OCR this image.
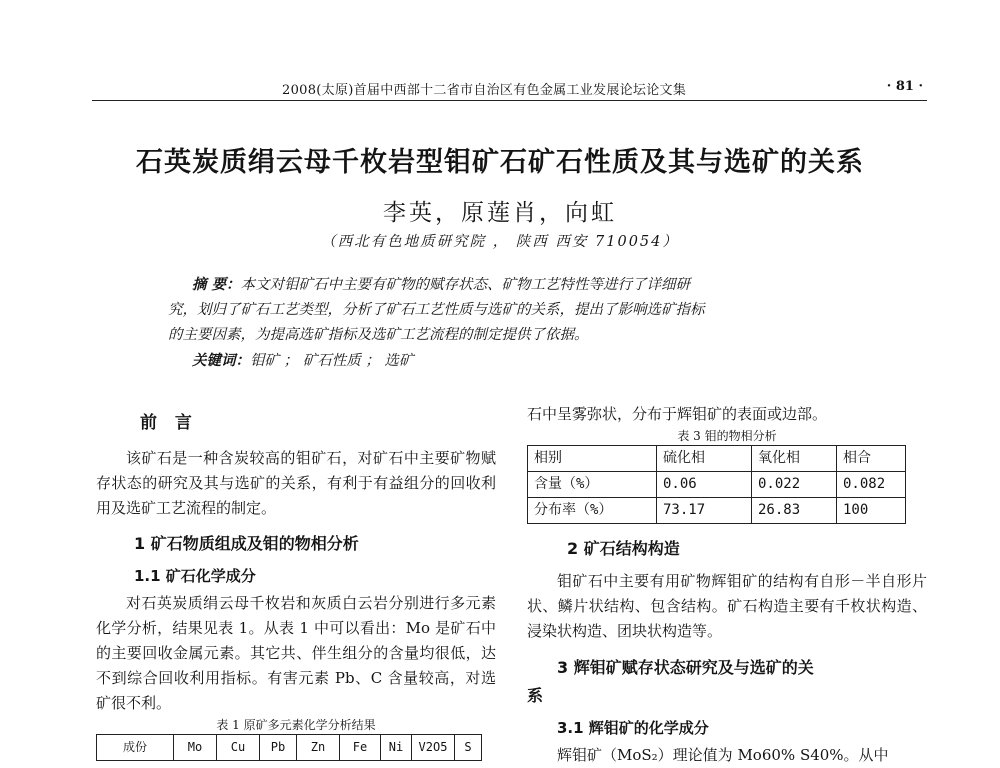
2008(太原)首届中西部十二省市自治区有色金属工业发展论坛论文集	· 81 ·
石英炭质绢云母千枚岩型钼矿石矿石性质及其与选矿的关系
李英，原莲肖，向虹
（西北有色地质研究院 ， 陕西 西安 710054）

摘 要：本文对钼矿石中主要有矿物的赋存状态、矿物工艺特性等进行了详细研

究，划归了矿石工艺类型，分析了矿石工艺性质与选矿的关系，提出了影响选矿指标

的主要因素，为提高选矿指标及选矿工艺流程的制定提供了依据。

关键词：钼矿 ； 矿石性质 ； 选矿

前 言

该矿石是一种含炭较高的钼矿石，对矿石中主要矿物赋存状态的研究及其与选矿的关系，有利于有益组分的回收利用及选矿工艺流程的制定。

1 矿石物质组成及钼的物相分析
1.1 矿石化学成分

对石英炭质绢云母千枚岩和灰质白云岩分别进行多元素化学分析，结果见表 1。从表 1 中可以看出：Mo 是矿石中的主要回收金属元素。其它共、伴生组分的含量均很低，达不到综合回收利用指标。有害元素 Pb、C 含量较高，对选矿很不利。

表 1 原矿多元素化学分析结果
成份	Mo	Cu	Pb	Zn	Fe	Ni	V2O5	S

石中呈雾弥状，分布于辉钼矿的表面或边部。

表 3 钼的物相分析
相别	硫化相	氧化相	相合
含量（%）	0.06	0.022	0.082
分布率（%）	73.17	26.83	100
2 矿石结构构造

钼矿石中主要有用矿物辉钼矿的结构有自形－半自形片状、鳞片状结构、包含结构。矿石构造主要有千枚状构造、浸染状构造、团块状构造等。

3 辉钼矿赋存状态研究及与选矿的关
系
3.1 辉钼矿的化学成分

辉钼矿（MoS₂）理论值为 Mo60% S40%。从中
